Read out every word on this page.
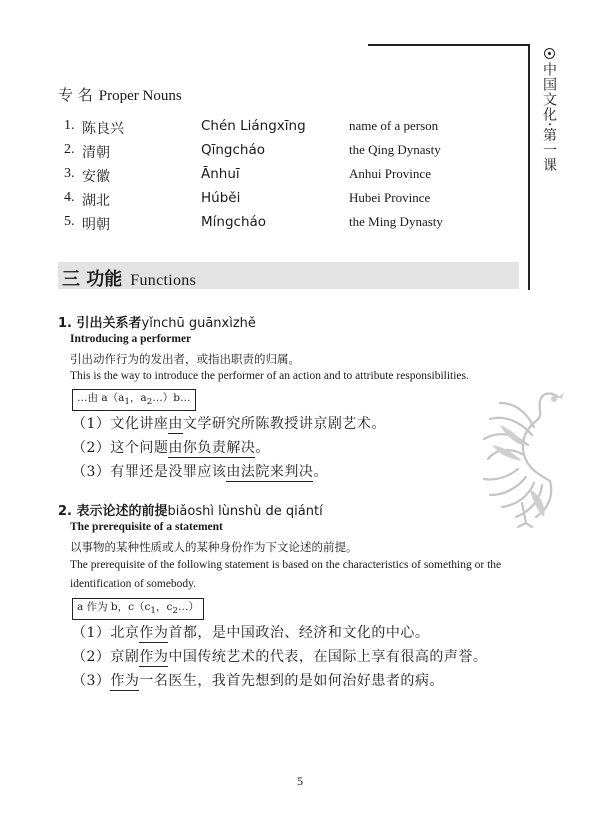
中国文化·第一课
专 名 Proper Nouns
1. 陈良兴	Chén Liángxīng	name of a person
2. 清朝	Qīngcháo	the Qing Dynasty
3. 安徽	Ānhuī	Anhui Province
4. 湖北	Húběi	Hubei Province
5. 明朝	Míngcháo	the Ming Dynasty
三 功能 Functions
1. 引出关系者yǐnchū guānxìzhě
Introducing a performer
引出动作行为的发出者，或指出职责的归属。
This is the way to introduce the performer of an action and to attribute responsibilities.
…由 $a(a_1$，$a_2\dots)b\dots$
（1）文化讲座由文学研究所陈教授讲京剧艺术。
（2）这个问题由你负责解决。
（3）有罪还是没罪应该由法院来判决。
2. 表示论述的前提biǎoshì lùnshù de qiántí
The prerequisite of a statement
以事物的某种性质或人的某种身份作为下文论述的前提。
The prerequisite of the following statement is based on the characteristics of something or the
identification of somebody.
a 作为 b，$c(c_1$，$c_2\dots$）
（1）北京作为首都，是中国政治、经济和文化的中心。
（2）京剧作为中国传统艺术的代表，在国际上享有很高的声誉。
（3）作为一名医生，我首先想到的是如何治好患者的病。
5
